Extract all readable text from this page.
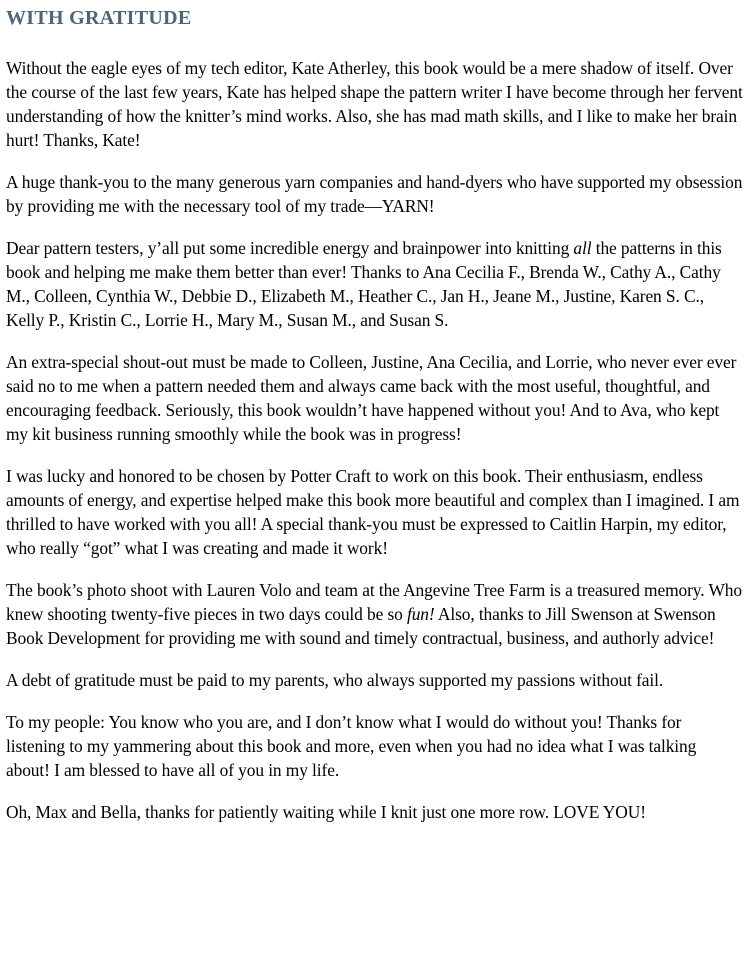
WITH GRATITUDE

Without the eagle eyes of my tech editor, Kate Atherley, this book would be a mere shadow of itself. Over the course of the last few years, Kate has helped shape the pattern writer I have become through her fervent understanding of how the knitter’s mind works. Also, she has mad math skills, and I like to make her brain hurt! Thanks, Kate!

A huge thank-you to the many generous yarn companies and hand-dyers who have supported my obsession by providing me with the necessary tool of my trade—YARN!

Dear pattern testers, y’all put some incredible energy and brainpower into knitting all the patterns in this book and helping me make them better than ever! Thanks to Ana Cecilia F., Brenda W., Cathy A., Cathy M., Colleen, Cynthia W., Debbie D., Elizabeth M., Heather C., Jan H., Jeane M., Justine, Karen S. C., Kelly P., Kristin C., Lorrie H., Mary M., Susan M., and Susan S.

An extra-special shout-out must be made to Colleen, Justine, Ana Cecilia, and Lorrie, who never ever ever said no to me when a pattern needed them and always came back with the most useful, thoughtful, and encouraging feedback. Seriously, this book wouldn’t have happened without you! And to Ava, who kept my kit business running smoothly while the book was in progress!

I was lucky and honored to be chosen by Potter Craft to work on this book. Their enthusiasm, endless amounts of energy, and expertise helped make this book more beautiful and complex than I imagined. I am thrilled to have worked with you all! A special thank-you must be expressed to Caitlin Harpin, my editor, who really “got” what I was creating and made it work!

The book’s photo shoot with Lauren Volo and team at the Angevine Tree Farm is a treasured memory. Who knew shooting twenty-five pieces in two days could be so fun! Also, thanks to Jill Swenson at Swenson Book Development for providing me with sound and timely contractual, business, and authorly advice!

A debt of gratitude must be paid to my parents, who always supported my passions without fail.

To my people: You know who you are, and I don’t know what I would do without you! Thanks for listening to my yammering about this book and more, even when you had no idea what I was talking about! I am blessed to have all of you in my life.

Oh, Max and Bella, thanks for patiently waiting while I knit just one more row. LOVE YOU!
